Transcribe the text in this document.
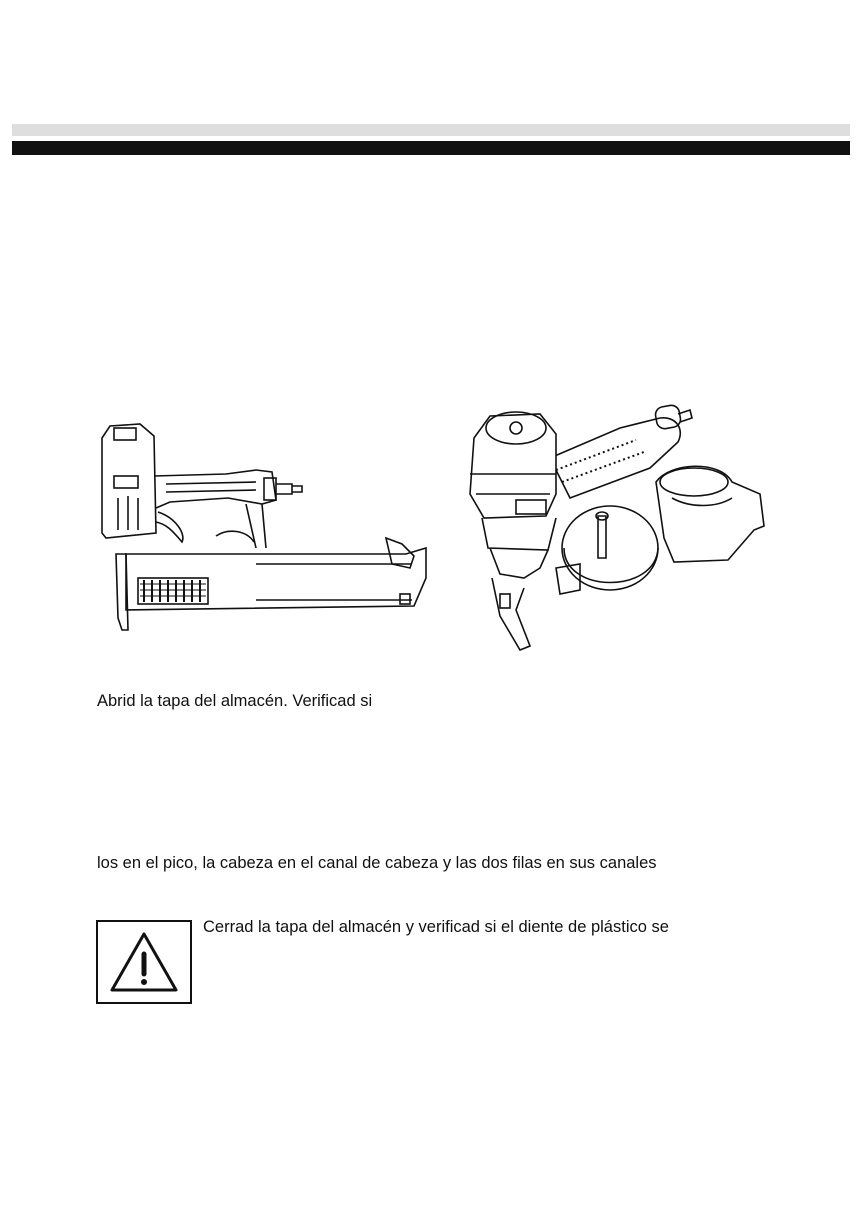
Abrid la tapa del almacén. Verificad si
los en el pico, la cabeza en el canal de cabeza y las dos filas en sus canales
Cerrad la tapa del almacén y verificad si el diente de plástico se
